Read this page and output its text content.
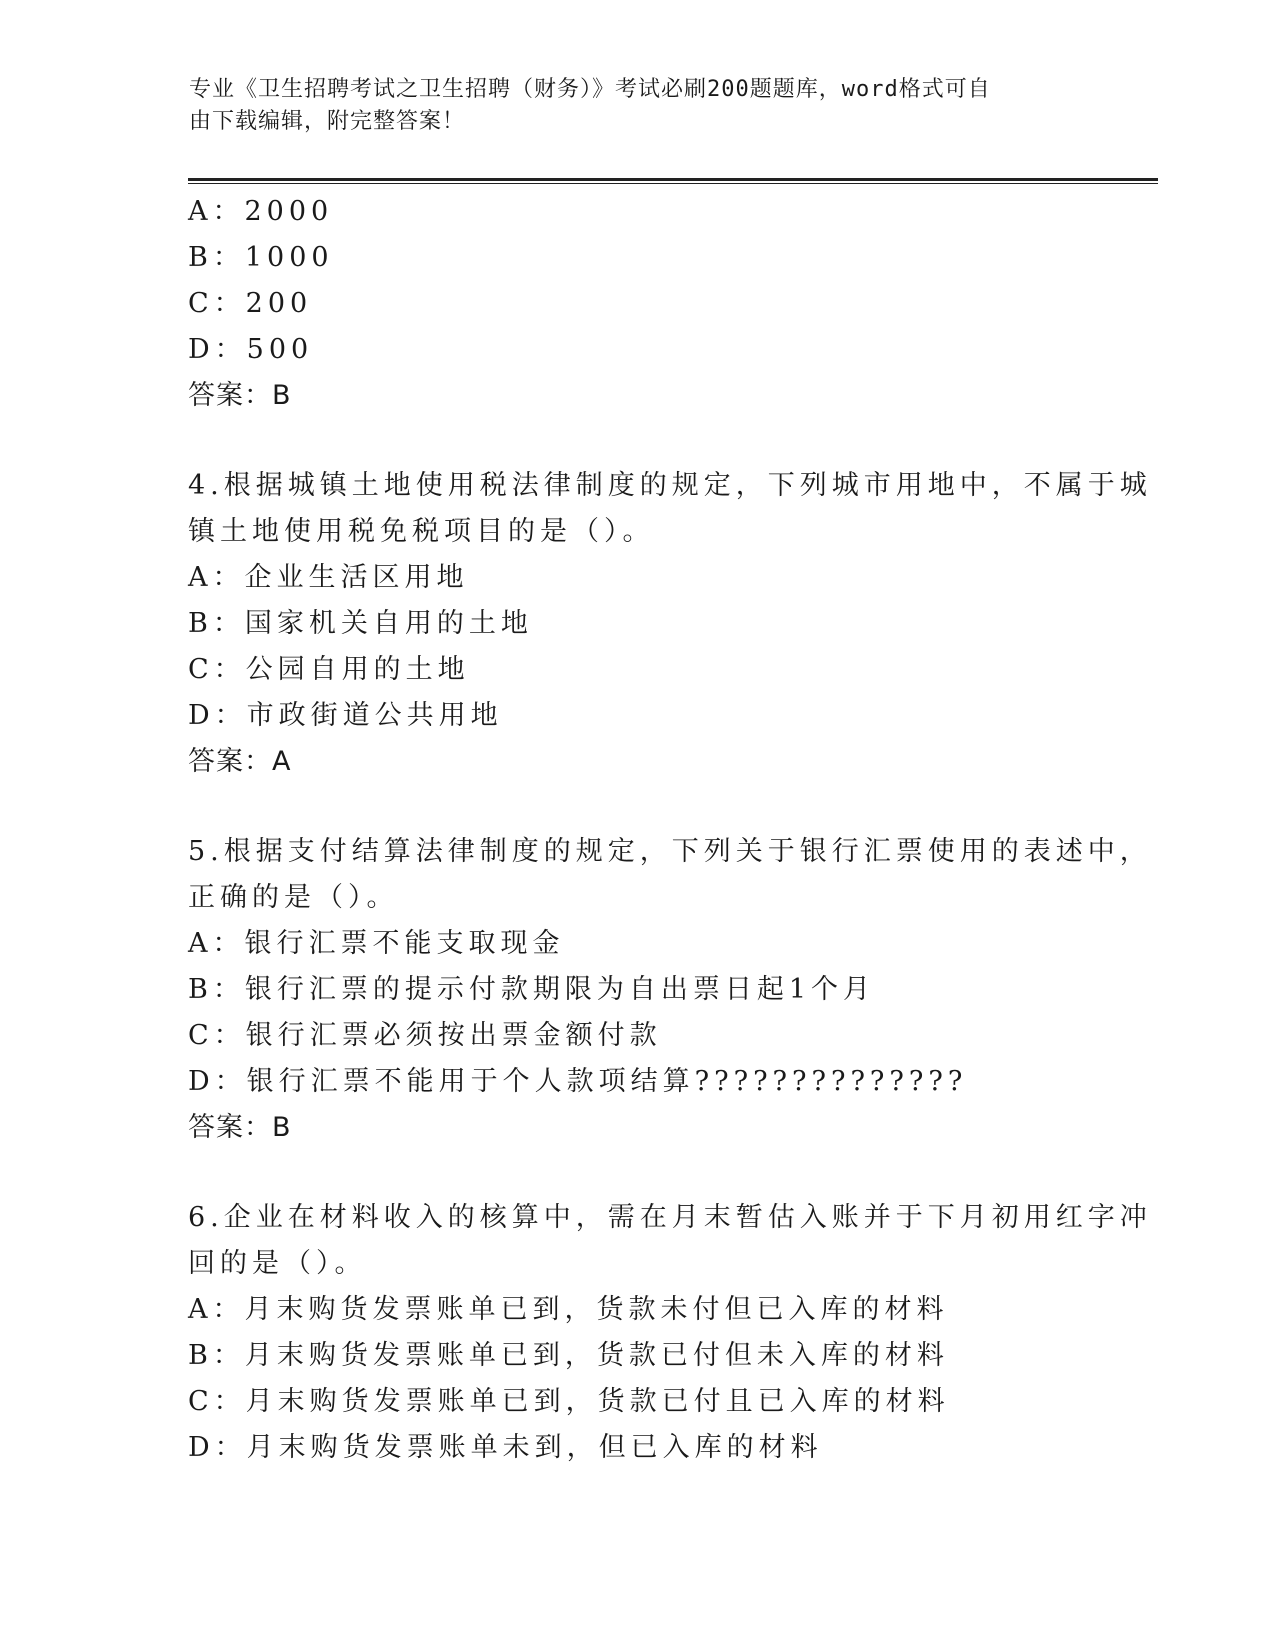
专业《卫生招聘考试之卫生招聘（财务）》考试必刷200题题库，word格式可自
由下载编辑，附完整答案！
A：2000
B：1000
C：200
D：500
答案：B
4.根据城镇土地使用税法律制度的规定，下列城市用地中，不属于城
镇土地使用税免税项目的是（）。
A：企业生活区用地
B：国家机关自用的土地
C：公园自用的土地
D：市政街道公共用地
答案：A
5.根据支付结算法律制度的规定，下列关于银行汇票使用的表述中，
正确的是（）。
A：银行汇票不能支取现金
B：银行汇票的提示付款期限为自出票日起1个月
C：银行汇票必须按出票金额付款
D：银行汇票不能用于个人款项结算??????????????
答案：B
6.企业在材料收入的核算中，需在月末暂估入账并于下月初用红字冲
回的是（）。
A：月末购货发票账单已到，货款未付但已入库的材料
B：月末购货发票账单已到，货款已付但未入库的材料
C：月末购货发票账单已到，货款已付且已入库的材料
D：月末购货发票账单未到，但已入库的材料
